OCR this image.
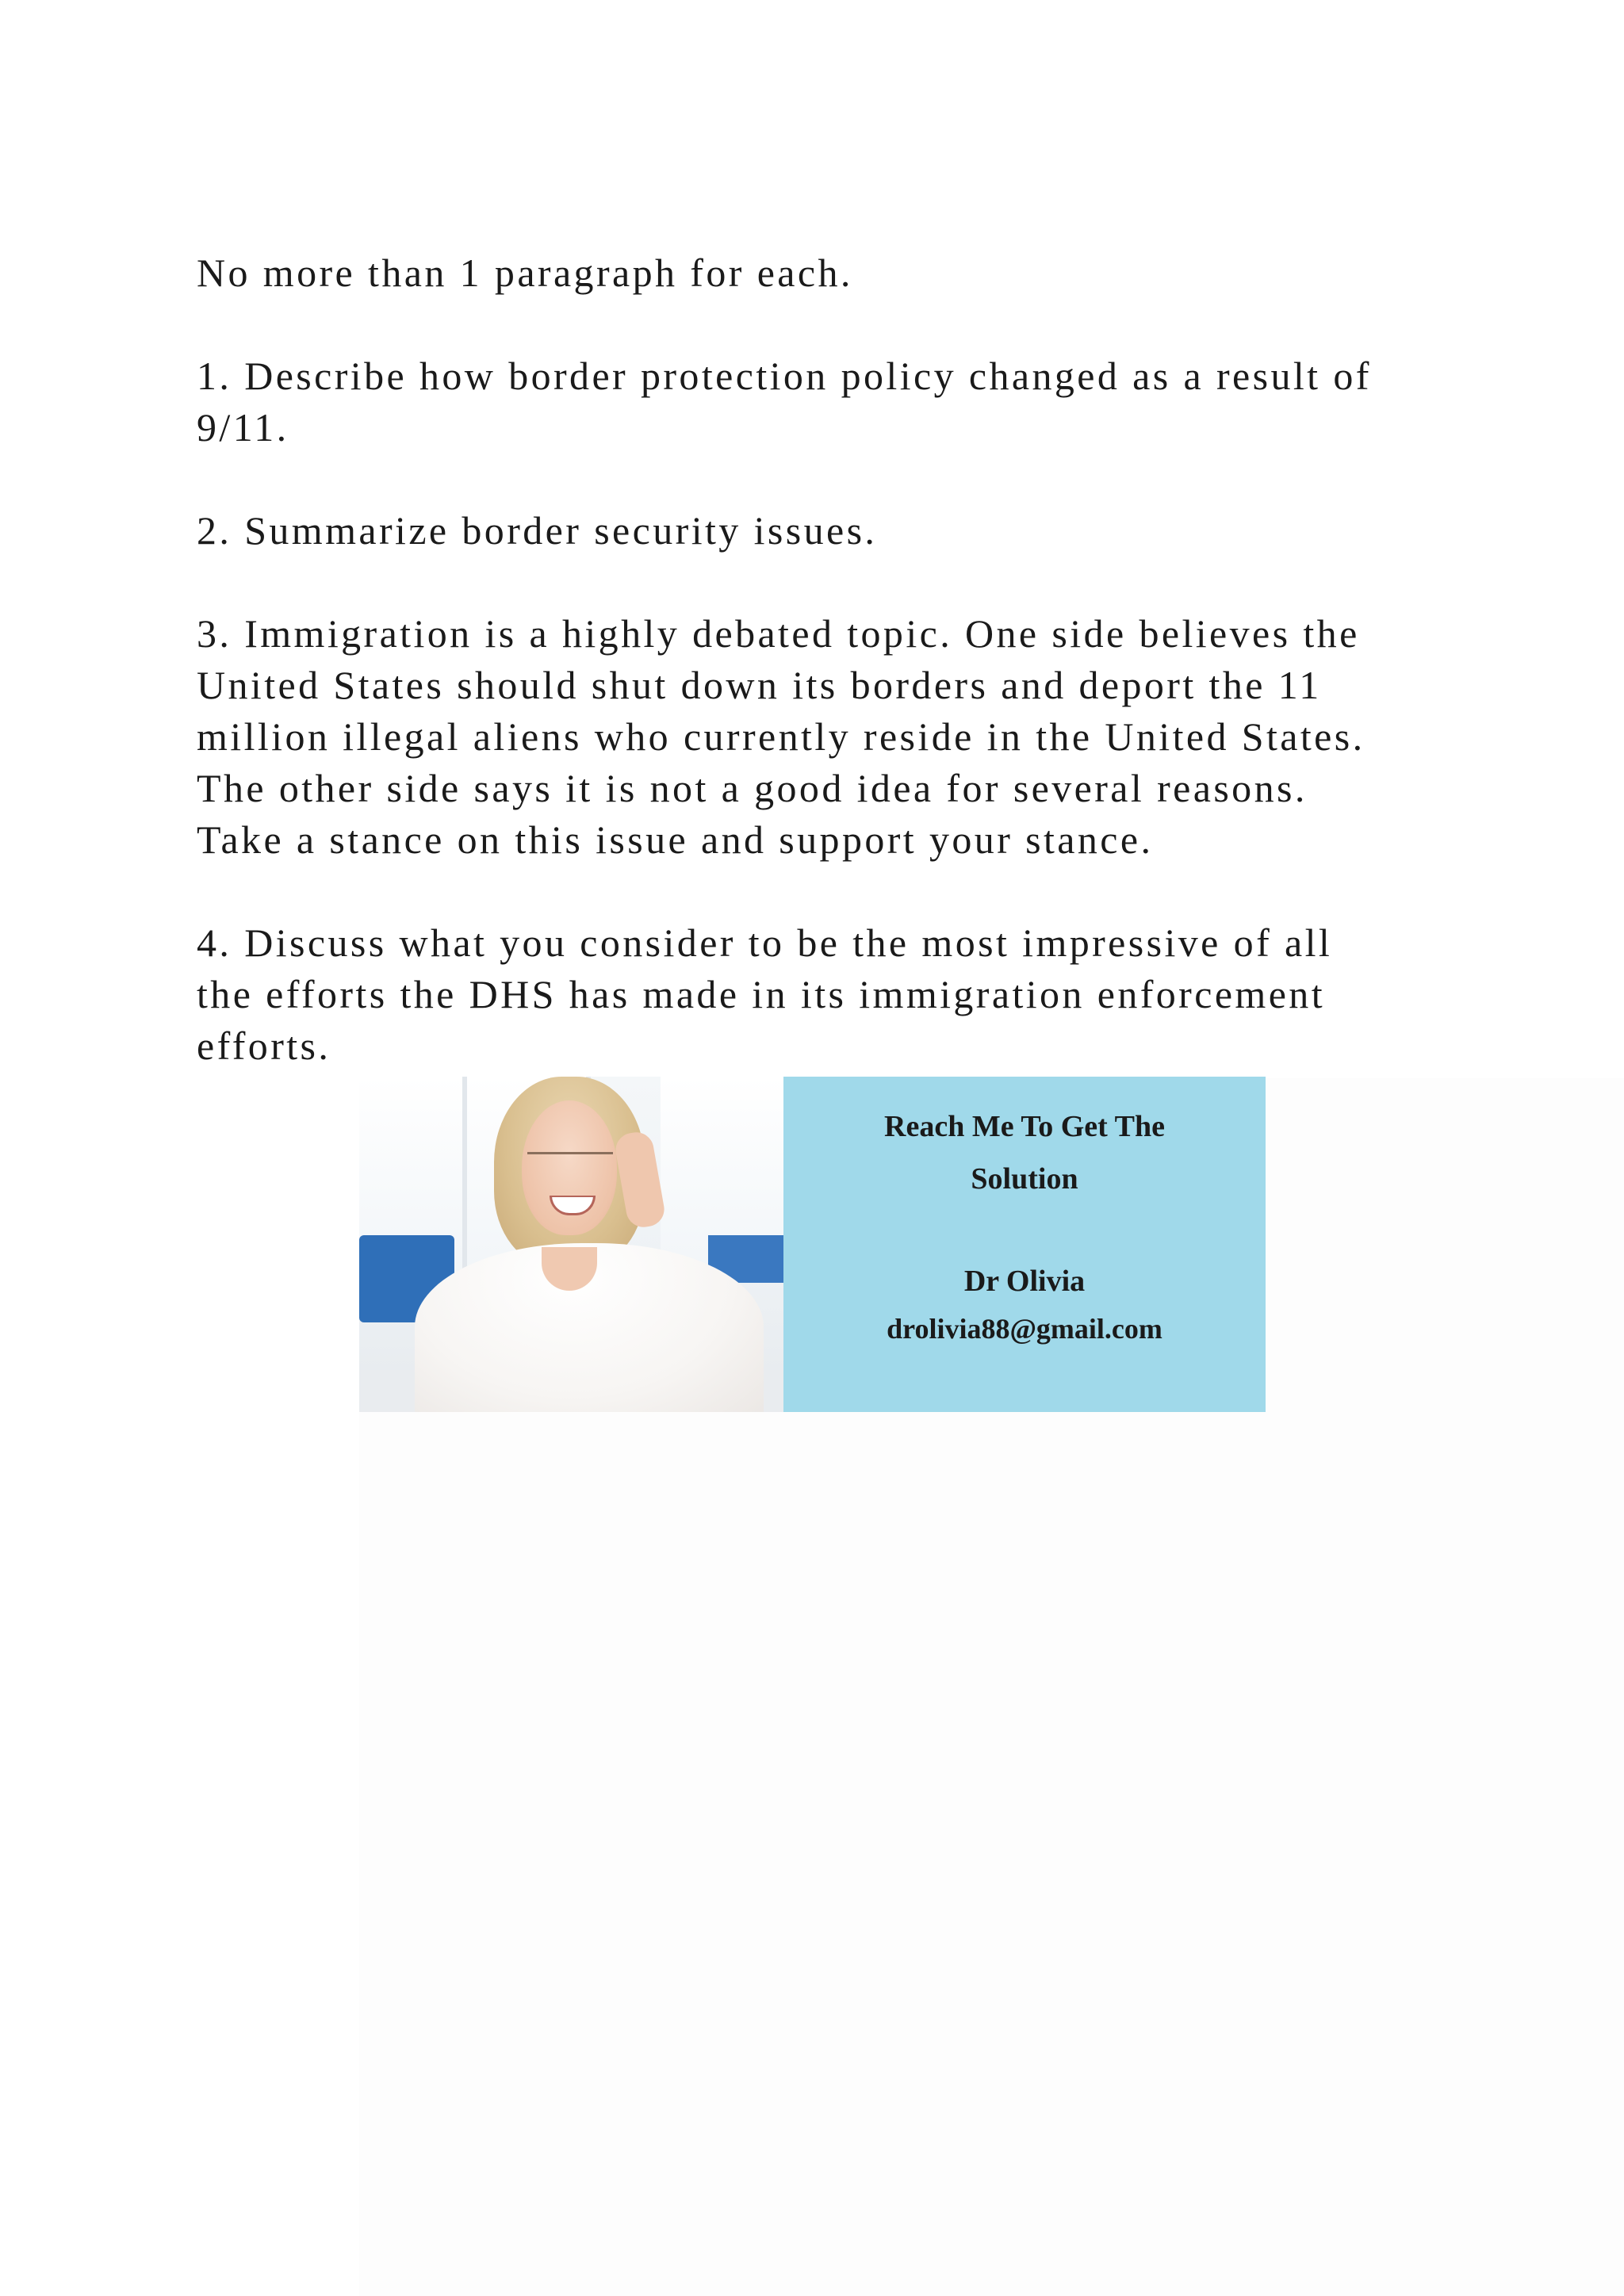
No more than 1 paragraph for each.

1. Describe how border protection policy changed as a result of
9/11.

2. Summarize border security issues.

3. Immigration is a highly debated topic. One side believes the
United States should shut down its borders and deport the 11
million illegal aliens who currently reside in the United States.
The other side says it is not a good idea for several reasons.
Take a stance on this issue and support your stance.

4. Discuss what you consider to be the most impressive of all
the efforts the DHS has made in its immigration enforcement
efforts.

Reach Me To Get The
Solution
Dr Olivia
drolivia88@gmail.com
